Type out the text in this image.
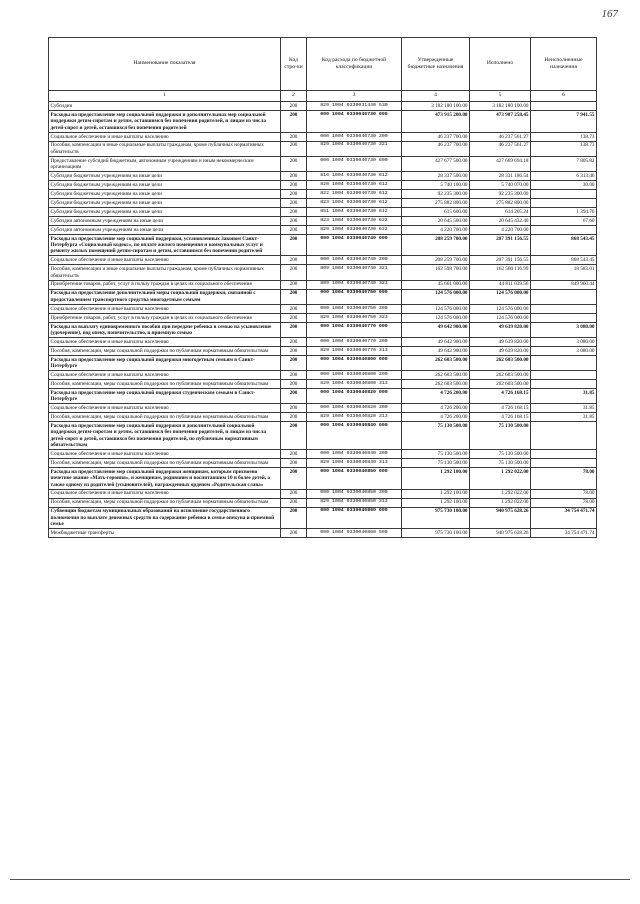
167
Наименование показателя	Код стро-ки	Код расхода по бюджетной классификации	Утвержденные бюджетные назначения	Исполнено	Неисполненные назначения
1	2	3	4	5	6
Субсидии	200	829 1004 0330031440 530	3 182 180 100.00	3 182 180 100.00	
Расходы на предоставление мер социальной поддержки и дополнительных мер социальной поддержки детям-сиротам и детям, оставшимся без попечения родителей, и лицам из числа детей-сирот и детей, оставшихся без попечения родителей	200	000 1004 0330040730 000	473 915 200.00	473 907 258.45	7 941.55
Социальное обеспечение и иные выплаты населению	200	000 1004 0330040730 300	46 237 700.00	46 237 561.27	138.73
Пособия, компенсации и иные социальные выплаты гражданам, кроме публичных нормативных обязательств	200	829 1004 0330040730 321	46 237 700.00	46 237 561.27	138.73
Предоставление субсидий бюджетным, автономным учреждениям и иным некоммерческим организациям	200	000 1004 0330040730 600	427 677 500.00	427 669 694.18	7 805.82
Субсидии бюджетным учреждениям на иные цели	200	816 1004 0330040730 612	28 337 500.00	28 331 186.54	6 313.46
Субсидии бюджетным учреждениям на иные цели	200	820 1004 0330040730 612	5 740 100.00	5 740 070.00	30.00
Субсидии бюджетным учреждениям на иные цели	200	822 1004 0330040730 612	92 235 300.00	92 235 300.00	
Субсидии бюджетным учреждениям на иные цели	200	823 1004 0330040730 612	275 882 800.00	275 882 800.00	
Субсидии бюджетным учреждениям на иные цели	200	851 1004 0330040730 612	615 600.00	614 205.24	1 394.76
Субсидии автономным учреждениям на иные цели	200	823 1004 0330040730 622	20 645 500.00	20 645 432.40	67.60
Субсидии автономным учреждениям на иные цели	200	829 1004 0330040730 622	4 220 700.00	4 220 700.00	
Расходы на предоставление мер социальной поддержки, установленных Законом Санкт-Петербурга «Социальный кодекс», по оплате жилого помещения и коммунальных услуг и ремонту жилых помещений детям-сиротам и детям, оставшимся без попечения родителей	200	000 1004 0330040740 000	208 259 700.00	207 391 156.55	868 543.45
Социальное обеспечение и иные выплаты населению	200	000 1004 0330040740 300	208 259 700.00	207 391 156.55	868 543.45
Пособия, компенсации и иные социальные выплаты гражданам, кроме публичных нормативных обязательств	200	809 1004 0330040740 321	162 598 700.00	162 580 116.99	18 583.01
Приобретение товаров, работ, услуг в пользу граждан в целях их социального обеспечения	200	809 1004 0330040740 323	45 661 000.00	44 811 039.56	849 960.44
Расходы на предоставление дополнительной меры социальной поддержки, связанной с предоставлением транспортного средства многодетным семьям	200	000 1004 0330040750 000	124 576 000.00	124 576 000.00	
Социальное обеспечение и иные выплаты населению	200	000 1004 0330040750 300	124 576 000.00	124 576 000.00	
Приобретение товаров, работ, услуг в пользу граждан в целях их социального обеспечения	200	829 1004 0330040750 323	124 576 000.00	124 576 000.00	
Расходы на выплату единовременного пособия при передаче ребенка в семью на усыновление (удочерение), под опеку, попечительство, в приемную семью	200	000 1004 0330040770 000	49 642 900.00	49 639 820.00	3 080.00
Социальное обеспечение и иные выплаты населению	200	000 1004 0330040770 300	49 642 900.00	49 639 820.00	3 080.00
Пособия, компенсации, меры социальной поддержки по публичным нормативным обязательствам	200	829 1004 0330040770 313	49 642 900.00	49 639 820.00	3 080.00
Расходы на предоставление мер социальной поддержки многодетным семьям в Санкт-Петербурге	200	000 1004 0330040800 000	262 603 500.00	262 603 500.00	
Социальное обеспечение и иные выплаты населению	200	000 1004 0330040800 300	262 603 500.00	262 603 500.00	
Пособия, компенсации, меры социальной поддержки по публичным нормативным обязательствам	200	829 1004 0330040800 313	262 603 500.00	262 603 500.00	
Расходы на предоставление мер социальной поддержки студенческим семьям в Санкт-Петербурге	200	000 1004 0330040820 000	4 726 200.00	4 726 168.15	31.85
Социальное обеспечение и иные выплаты населению	200	000 1004 0330040820 300	4 726 200.00	4 726 168.15	31.85
Пособия, компенсации, меры социальной поддержки по публичным нормативным обязательствам	200	829 1004 0330040820 313	4 726 200.00	4 726 168.15	31.85
Расходы на предоставление мер социальной поддержки и дополнительной социальной поддержки детям-сиротам и детям, оставшимся без попечения родителей, и лицам из числа детей-сирот и детей, оставшихся без попечения родителей, по публичным нормативным обязательствам	200	000 1004 0330040840 000	75 130 500.00	75 130 500.00	
Социальное обеспечение и иные выплаты населению	200	000 1004 0330040840 300	75 130 500.00	75 130 500.00	
Пособия, компенсации, меры социальной поддержки по публичным нормативным обязательствам	200	829 1004 0330040840 313	75 130 500.00	75 130 500.00	
Расходы на предоставление мер социальной поддержки женщинам, которым присвоено почетное звание «Мать-героиня», и женщинам, родившим и воспитавшим 10 и более детей, а также одному из родителей (усыновителей), награжденных орденом «Родительская слава»	200	000 1004 0330040850 000	1 292 100.00	1 292 022.00	78.00
Социальное обеспечение и иные выплаты населению	200	000 1004 0330040850 300	1 292 100.00	1 292 022.00	78.00
Пособия, компенсации, меры социальной поддержки по публичным нормативным обязательствам	200	829 1004 0330040850 313	1 292 100.00	1 292 022.00	78.00
Субвенции бюджетам муниципальных образований на исполнение государственного полномочия по выплате денежных средств на содержание ребенка в семье опекуна и приемной семье	200	000 1004 0330040860 000	975 730 100.00	940 975 628.26	34 754 471.74
Межбюджетные трансферты	200	000 1004 0330040860 500	975 730 100.00	940 975 628.26	34 754 471.74
